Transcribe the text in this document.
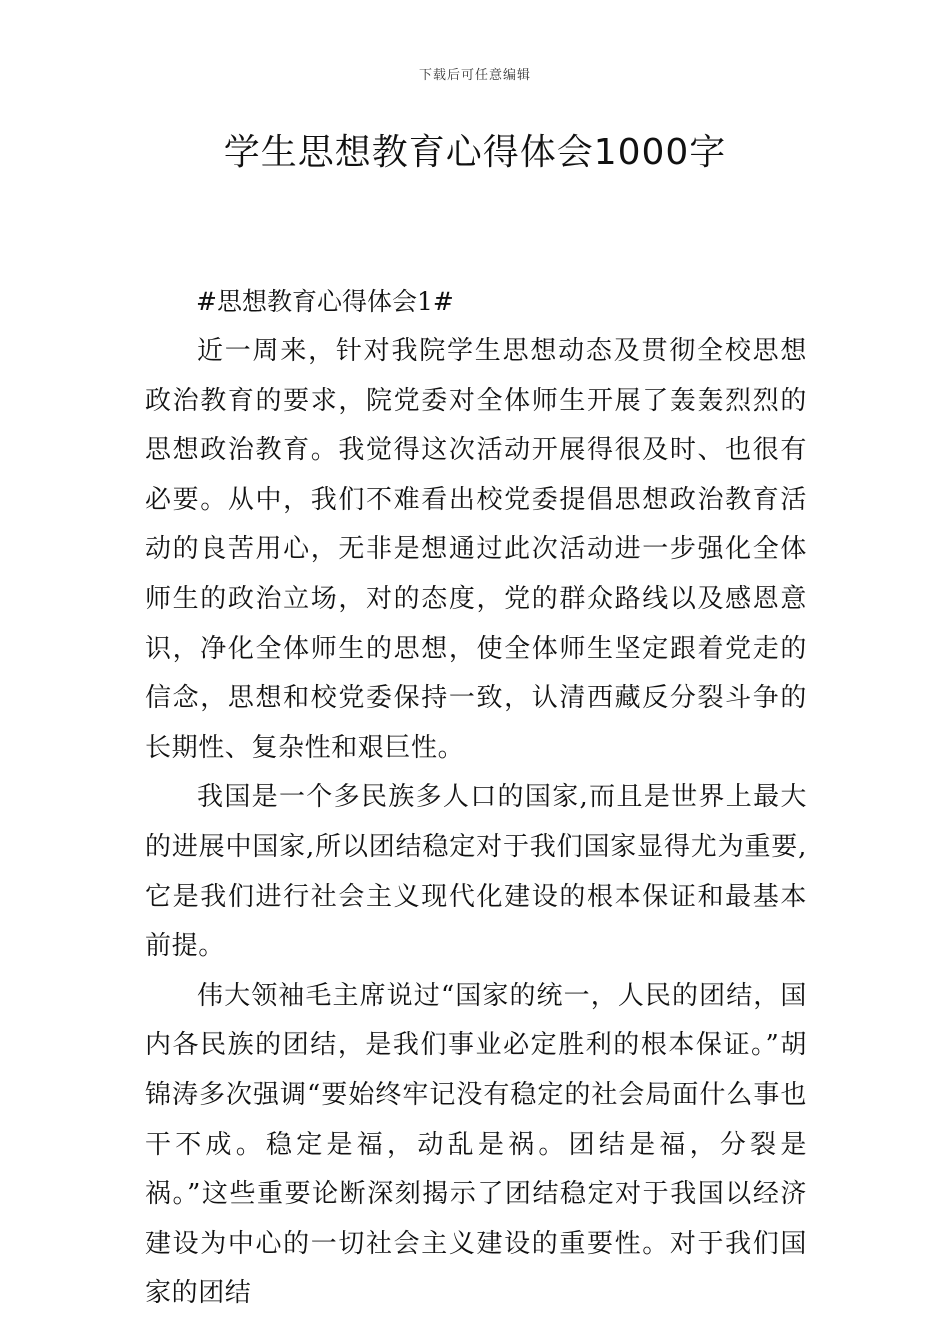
下载后可任意编辑
学生思想教育心得体会1000字
#思想教育心得体会1#

近一周来，针对我院学生思想动态及贯彻全校思想政治教育的要求，院党委对全体师生开展了轰轰烈烈的思想政治教育。我觉得这次活动开展得很及时、也很有必要。从中，我们不难看出校党委提倡思想政治教育活动的良苦用心，无非是想通过此次活动进一步强化全体师生的政治立场，对的态度，党的群众路线以及感恩意识，净化全体师生的思想，使全体师生坚定跟着党走的信念，思想和校党委保持一致，认清西藏反分裂斗争的长期性、复杂性和艰巨性。

我国是一个多民族多人口的国家,而且是世界上最大的进展中国家,所以团结稳定对于我们国家显得尤为重要,它是我们进行社会主义现代化建设的根本保证和最基本前提。

伟大领袖毛主席说过“国家的统一，人民的团结，国内各民族的团结，是我们事业必定胜利的根本保证。”胡锦涛多次强调“要始终牢记没有稳定的社会局面什么事也干不成。稳定是福，动乱是祸。团结是福，分裂是祸。”这些重要论断深刻揭示了团结稳定对于我国以经济建设为中心的一切社会主义建设的重要性。对于我们国家的团结
